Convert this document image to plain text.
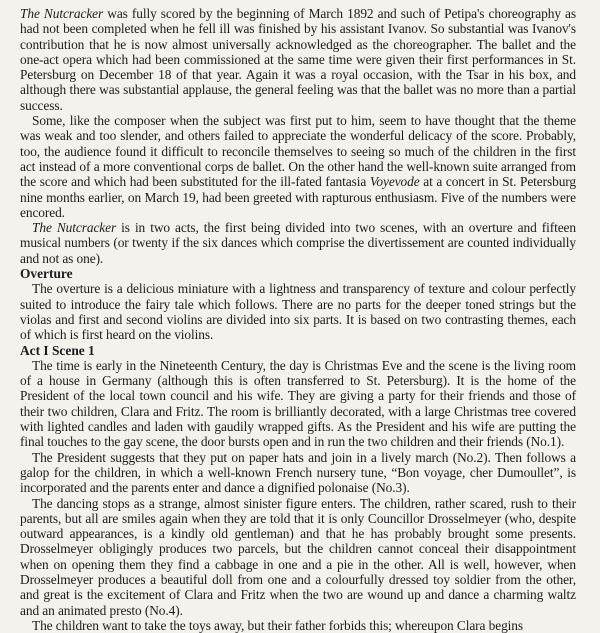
The Nutcracker was fully scored by the beginning of March 1892 and such of Petipa's choreography as had not been completed when he fell ill was finished by his assistant Ivanov. So substantial was Ivanov's contribution that he is now almost universally acknowledged as the choreographer. The ballet and the one-act opera which had been commissioned at the same time were given their first performances in St. Petersburg on December 18 of that year. Again it was a royal occasion, with the Tsar in his box, and although there was substantial applause, the general feeling was that the ballet was no more than a partial success.

Some, like the composer when the subject was first put to him, seem to have thought that the theme was weak and too slender, and others failed to appreciate the wonderful delicacy of the score. Probably, too, the audience found it difficult to reconcile themselves to seeing so much of the children in the first act instead of a more conventional corps de ballet. On the other hand the well-known suite arranged from the score and which had been substituted for the ill-fated fantasia Voyevode at a concert in St. Petersburg nine months earlier, on March 19, had been greeted with rapturous enthusiasm. Five of the numbers were encored.

The Nutcracker is in two acts, the first being divided into two scenes, with an overture and fifteen musical numbers (or twenty if the six dances which comprise the divertissement are counted individually and not as one).

Overture

The overture is a delicious miniature with a lightness and transparency of texture and colour perfectly suited to introduce the fairy tale which follows. There are no parts for the deeper toned strings but the violas and first and second violins are divided into six parts. It is based on two contrasting themes, each of which is first heard on the violins.

Act I Scene 1

The time is early in the Nineteenth Century, the day is Christmas Eve and the scene is the living room of a house in Germany (although this is often transferred to St. Petersburg). It is the home of the President of the local town council and his wife. They are giving a party for their friends and those of their two children, Clara and Fritz. The room is brilliantly decorated, with a large Christmas tree covered with lighted candles and laden with gaudily wrapped gifts. As the President and his wife are putting the final touches to the gay scene, the door bursts open and in run the two children and their friends (No.1).

The President suggests that they put on paper hats and join in a lively march (No.2). Then follows a galop for the children, in which a well-known French nursery tune, “Bon voyage, cher Dumoullet”, is incorporated and the parents enter and dance a dignified polonaise (No.3).

The dancing stops as a strange, almost sinister figure enters. The children, rather scared, rush to their parents, but all are smiles again when they are told that it is only Councillor Drosselmeyer (who, despite outward appearances, is a kindly old gentleman) and that he has probably brought some presents. Drosselmeyer obligingly produces two parcels, but the children cannot conceal their disappointment when on opening them they find a cabbage in one and a pie in the other. All is well, however, when Drosselmeyer produces a beautiful doll from one and a colourfully dressed toy soldier from the other, and great is the excitement of Clara and Fritz when the two are wound up and dance a charming waltz and an animated presto (No.4).

The children want to take the toys away, but their father forbids this; whereupon Clara begins
